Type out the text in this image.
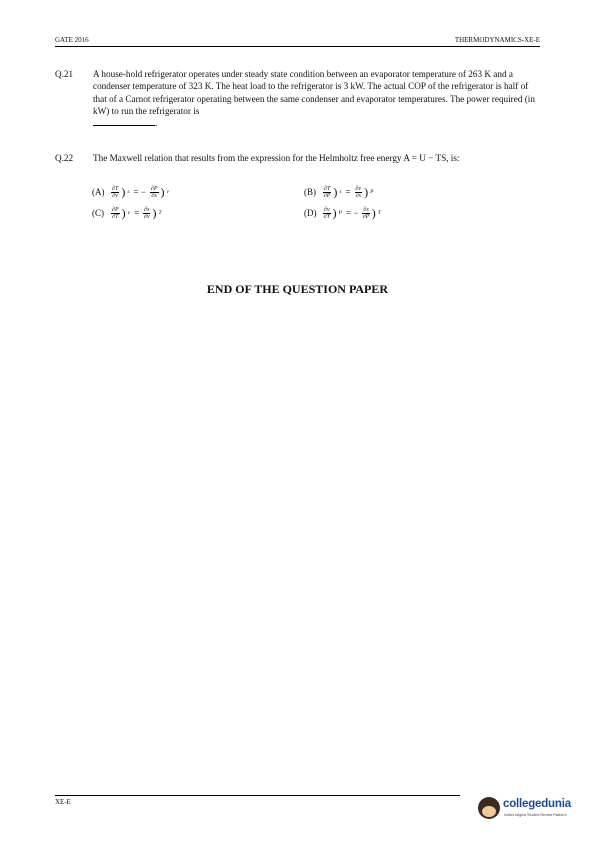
GATE 2016	THERMODYNAMICS-XE-E
Q.21 A house-hold refrigerator operates under steady state condition between an evaporator temperature of 263 K and a condenser temperature of 323 K. The heat load to the refrigerator is 3 kW. The actual COP of the refrigerator is half of that of a Carnot refrigerator operating between the same condenser and evaporator temperatures. The power required (in kW) to run the refrigerator is
.
Q.22 The Maxwell relation that results from the expression for the Helmholtz free energy A = U − TS, is:
(A)	$\frac{\partial T}{\partial v}$ ) s = − $\frac{\partial P}{\partial s}$ ) v	(B)	$\frac{\partial T}{\partial P}$ ) $s = \frac{\partial v}{\partial s}$ ) P
(C)	$\frac{\partial P}{\partial T}$ ) $v = \frac{\partial s}{\partial v}$ ) T	(D)	$\frac{\partial v}{\partial T}$ ) P = − $\frac{\partial s}{\partial P}$ ) T
END OF THE QUESTION PAPER
XE-E	collegedunia
India's largest Student Review Platform
